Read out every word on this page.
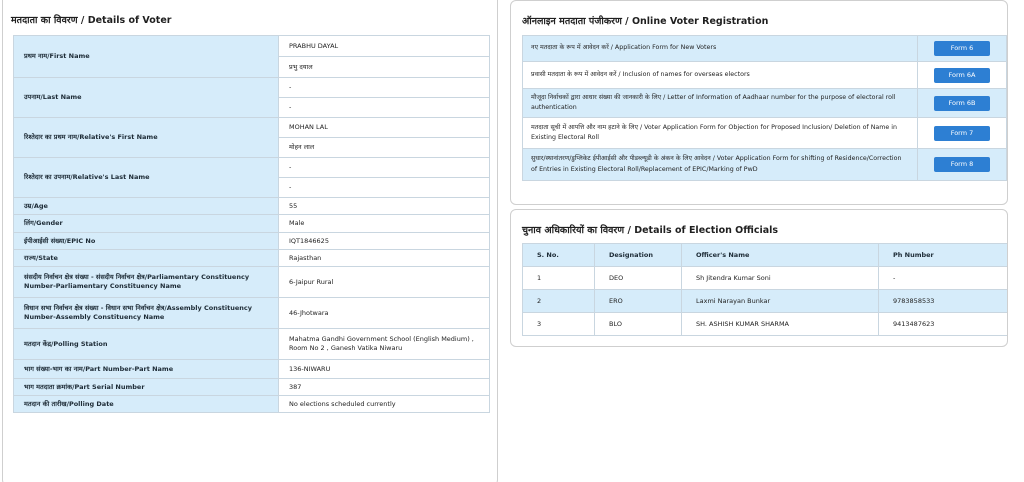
मतदाता का विवरण / Details of Voter
प्रथम नाम/First Name	PRABHU DAYAL
	प्रभु दयाल
उपनाम/Last Name	-
	-
रिश्तेदार का प्रथम नाम/Relative's First Name	MOHAN LAL
	मोहन लाल
रिश्तेदार का उपनाम/Relative's Last Name	-
	-
उम्र/Age	55
लिंग/Gender	Male
ईपीआईसी संख्या/EPIC No	IQT1846625
राज्य/State	Rajasthan
संसदीय निर्वाचन क्षेत्र संख्या - संसदीय निर्वाचन क्षेत्र/Parliamentary Constituency Number-Parliamentary Constituency Name	6-Jaipur Rural
विधान सभा निर्वाचन क्षेत्र संख्या - विधान सभा निर्वाचन क्षेत्र/Assembly Constituency Number-Assembly Constituency Name	46-Jhotwara
मतदान केंद्र/Polling Station	Mahatma Gandhi Government School (English Medium) , Room No 2 , Ganesh Vatika Niwaru
भाग संख्या-भाग का नाम/Part Number-Part Name	136-NIWARU
भाग मतदाता क्रमांक/Part Serial Number	387
मतदान की तारीख/Polling Date	No elections scheduled currently
ऑनलाइन मतदाता पंजीकरण / Online Voter Registration
नए मतदाता के रूप में आवेदन करें / Application Form for New Voters	Form 6
प्रवासी मतदाता के रूप में आवेदन करें / Inclusion of names for overseas electors	Form 6A
मौजूदा निर्वाचकों द्वारा आधार संख्या की जानकारी के लिए / Letter of Information of Aadhaar number for the purpose of electoral roll authentication	Form 6B
मतदाता सूची में आपत्ति और नाम हटाने के लिए / Voter Application Form for Objection for Proposed Inclusion/ Deletion of Name in Existing Electoral Roll	Form 7
सुधार/स्थानांतरण/डुप्लिकेट ईपीआईसी और पीडब्ल्यूडी के अंकन के लिए आवेदन / Voter Application Form for shifting of Residence/Correction of Entries in Existing Electoral Roll/Replacement of EPIC/Marking of PwD	Form 8
चुनाव अधिकारियों का विवरण / Details of Election Officials
S. No.	Designation	Officer's Name	Ph Number
1	DEO	Sh Jitendra Kumar Soni	-
2	ERO	Laxmi Narayan Bunkar	9783858533
3	BLO	SH. ASHISH KUMAR SHARMA	9413487623
